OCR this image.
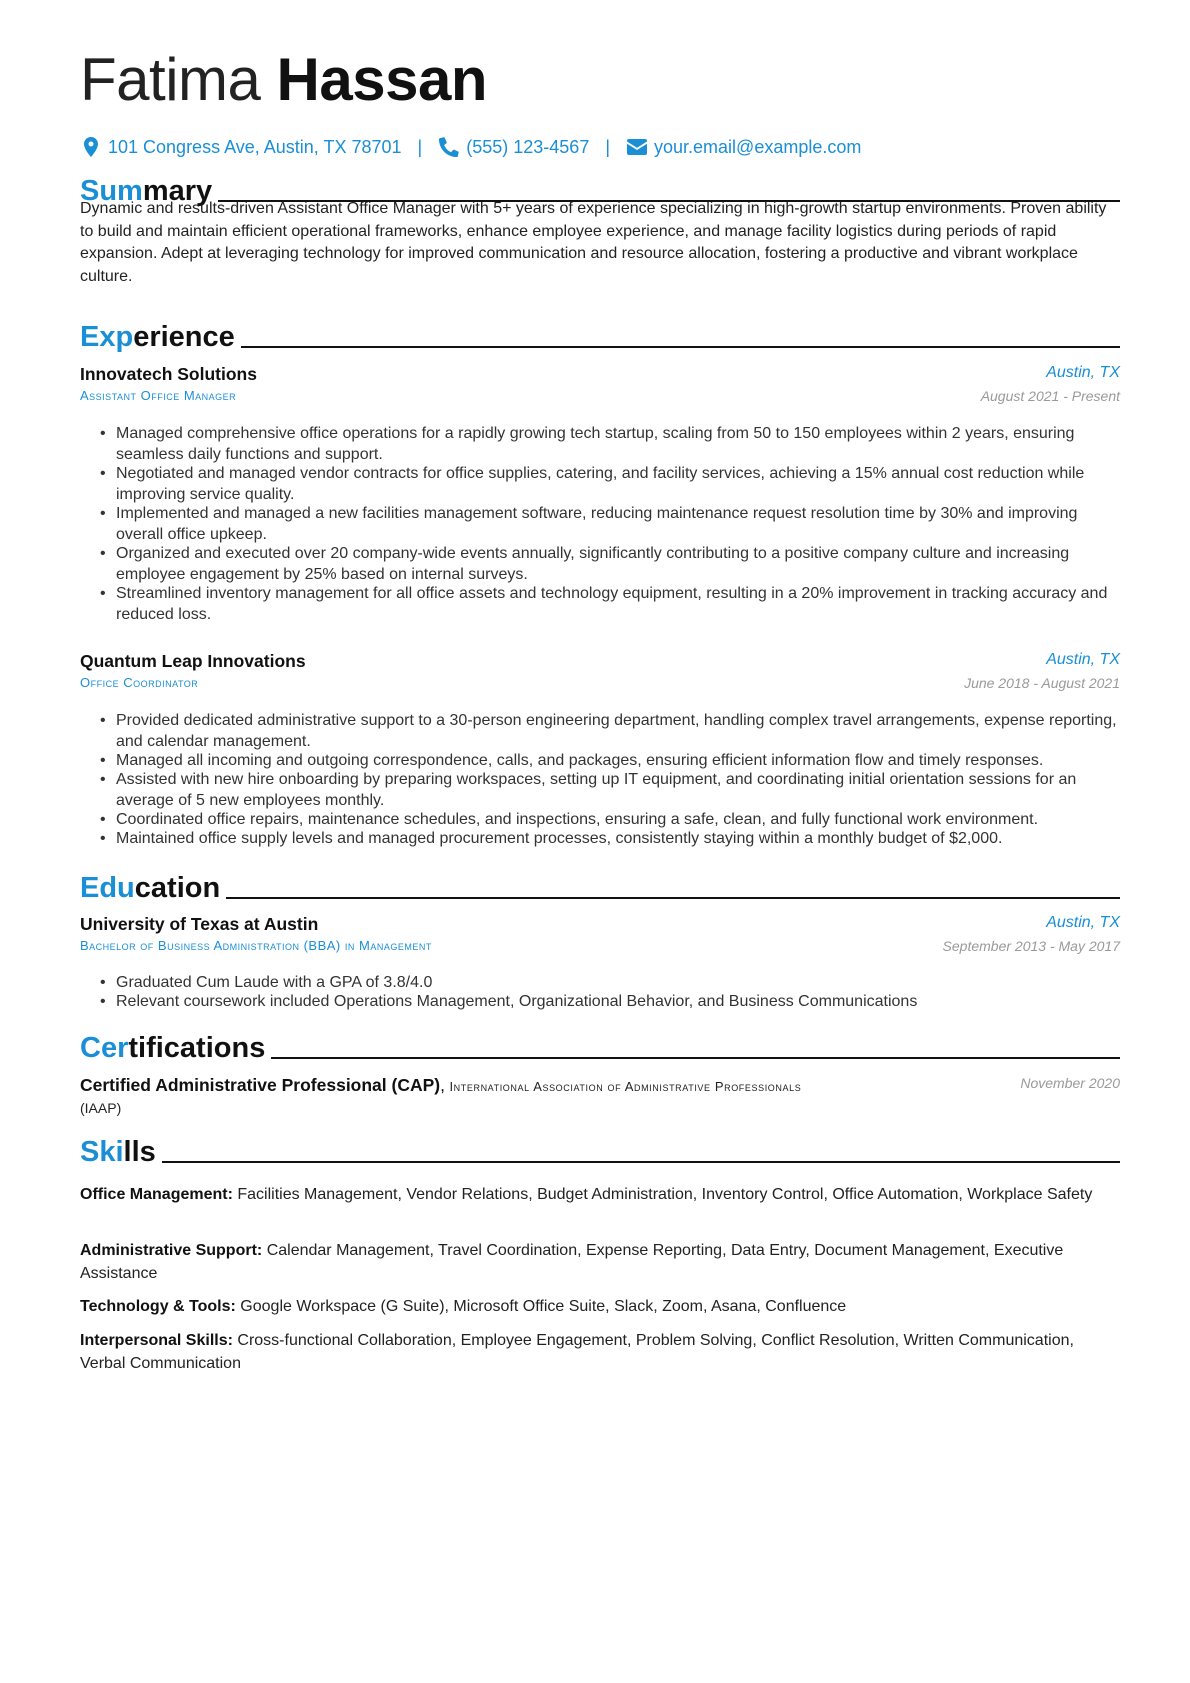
Fatima Hassan
101 Congress Ave, Austin, TX 78701 | (555) 123-4567 | your.email@example.com
Summary
Dynamic and results-driven Assistant Office Manager with 5+ years of experience specializing in high-growth startup environments. Proven ability to build and maintain efficient operational frameworks, enhance employee experience, and manage facility logistics during periods of rapid expansion. Adept at leveraging technology for improved communication and resource allocation, fostering a productive and vibrant workplace culture.
Experience
Innovatech Solutions	Austin, TX
Assistant Office Manager	August 2021 - Present
• Managed comprehensive office operations for a rapidly growing tech startup, scaling from 50 to 150 employees within 2 years, ensuring seamless daily functions and support.
• Negotiated and managed vendor contracts for office supplies, catering, and facility services, achieving a 15% annual cost reduction while improving service quality.
• Implemented and managed a new facilities management software, reducing maintenance request resolution time by 30% and improving overall office upkeep.
• Organized and executed over 20 company-wide events annually, significantly contributing to a positive company culture and increasing employee engagement by 25% based on internal surveys.
• Streamlined inventory management for all office assets and technology equipment, resulting in a 20% improvement in tracking accuracy and reduced loss.
Quantum Leap Innovations	Austin, TX
Office Coordinator	June 2018 - August 2021
• Provided dedicated administrative support to a 30-person engineering department, handling complex travel arrangements, expense reporting, and calendar management.
• Managed all incoming and outgoing correspondence, calls, and packages, ensuring efficient information flow and timely responses.
• Assisted with new hire onboarding by preparing workspaces, setting up IT equipment, and coordinating initial orientation sessions for an average of 5 new employees monthly.
• Coordinated office repairs, maintenance schedules, and inspections, ensuring a safe, clean, and fully functional work environment.
• Maintained office supply levels and managed procurement processes, consistently staying within a monthly budget of $2,000.
Education
University of Texas at Austin	Austin, TX
Bachelor of Business Administration (BBA) in Management	September 2013 - May 2017
• Graduated Cum Laude with a GPA of 3.8/4.0
• Relevant coursework included Operations Management, Organizational Behavior, and Business Communications
Certifications
Certified Administrative Professional (CAP), International Association of Administrative Professionals	November 2020
(IAAP)
Skills
Office Management: Facilities Management, Vendor Relations, Budget Administration, Inventory Control, Office Automation, Workplace Safety
Administrative Support: Calendar Management, Travel Coordination, Expense Reporting, Data Entry, Document Management, Executive Assistance
Technology & Tools: Google Workspace (G Suite), Microsoft Office Suite, Slack, Zoom, Asana, Confluence
Interpersonal Skills: Cross-functional Collaboration, Employee Engagement, Problem Solving, Conflict Resolution, Written Communication, Verbal Communication
